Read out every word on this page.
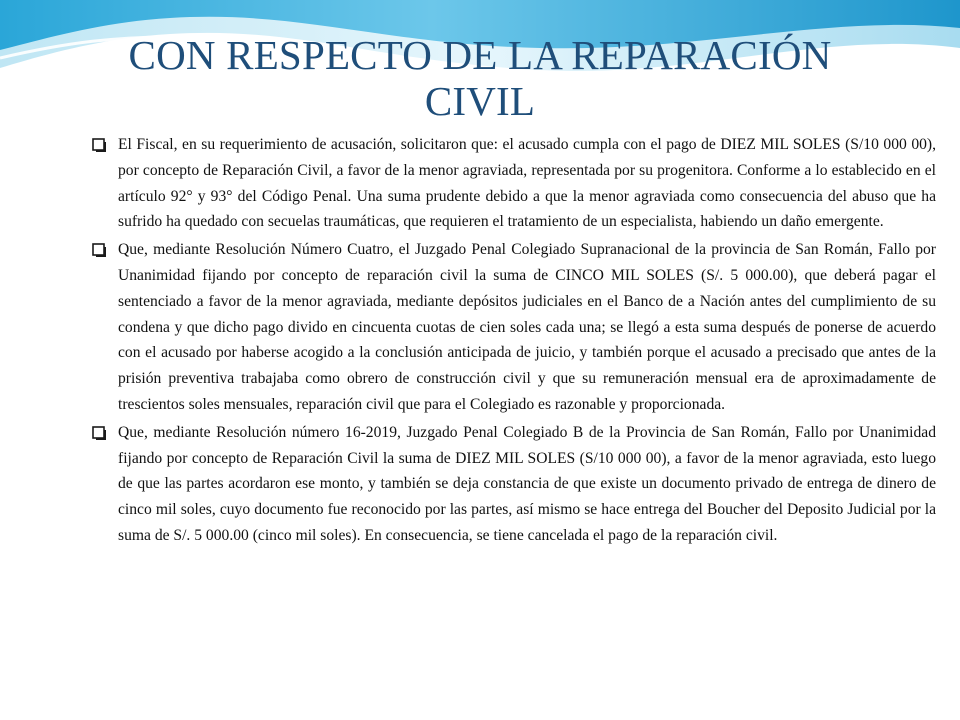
CON RESPECTO DE LA REPARACIÓN
CIVIL
El Fiscal, en su requerimiento de acusación, solicitaron que: el acusado cumpla con el pago de DIEZ MIL SOLES (S/10 000 00), por concepto de Reparación Civil, a favor de la menor agraviada, representada por su progenitora. Conforme a lo establecido en el artículo 92° y 93° del Código Penal. Una suma prudente debido a que la menor agraviada como consecuencia del abuso que ha sufrido ha quedado con secuelas traumáticas, que requieren el tratamiento de un especialista, habiendo un daño emergente.
Que, mediante Resolución Número Cuatro, el Juzgado Penal Colegiado Supranacional de la provincia de San Román, Fallo por Unanimidad fijando por concepto de reparación civil la suma de CINCO MIL SOLES (S/. 5 000.00), que deberá pagar el sentenciado a favor de la menor agraviada, mediante depósitos judiciales en el Banco de a Nación antes del cumplimiento de su condena y que dicho pago divido en cincuenta cuotas de cien soles cada una; se llegó a esta suma después de ponerse de acuerdo con el acusado por haberse acogido a la conclusión anticipada de juicio, y también porque el acusado a precisado que antes de la prisión preventiva trabajaba como obrero de construcción civil y que su remuneración mensual era de aproximadamente de trescientos soles mensuales, reparación civil que para el Colegiado es razonable y proporcionada.
Que, mediante Resolución número 16-2019, Juzgado Penal Colegiado B de la Provincia de San Román, Fallo por Unanimidad fijando por concepto de Reparación Civil la suma de DIEZ MIL SOLES (S/10 000 00), a favor de la menor agraviada, esto luego de que las partes acordaron ese monto, y también se deja constancia de que existe un documento privado de entrega de dinero de cinco mil soles, cuyo documento fue reconocido por las partes, así mismo se hace entrega del Boucher del Deposito Judicial por la suma de S/. 5 000.00 (cinco mil soles). En consecuencia, se tiene cancelada el pago de la reparación civil.
